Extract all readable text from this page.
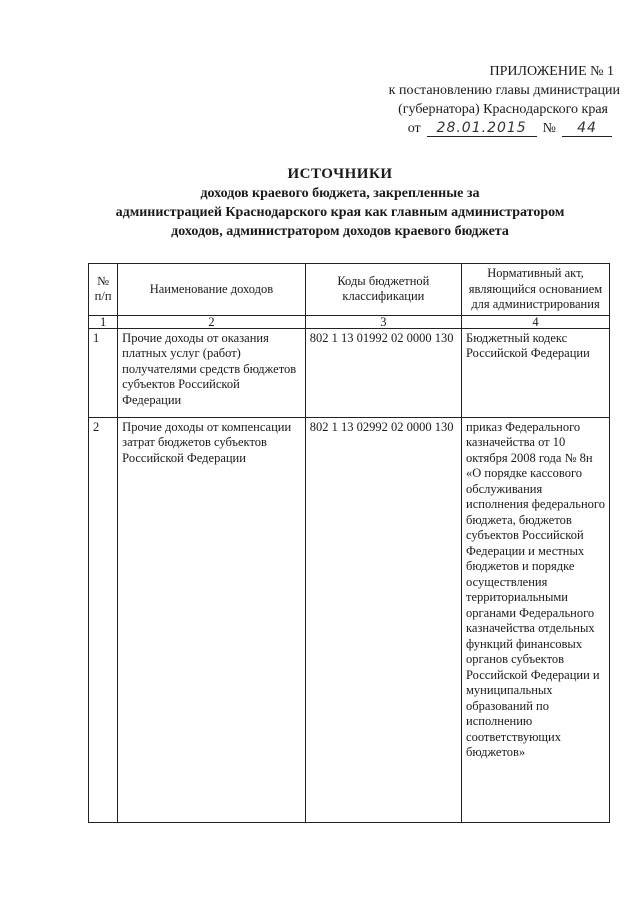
ПРИЛОЖЕНИЕ № 1
к постановлению главы дминистрации
(губернатора) Краснодарского края
от	28.01.2015	№	44
ИСТОЧНИКИ
доходов краевого бюджета, закрепленные за
администрацией Краснодарского края как главным администратором
доходов, администратором доходов краевого бюджета
№ п/п	Наименование доходов	Коды бюджетной классификации	Нормативный акт, являющийся основанием для администрирования
1	2	3	4
1	Прочие доходы от оказания платных услуг (работ) получателями средств бюджетов субъектов Российской Федерации	802 1 13 01992 02 0000 130	Бюджетный кодекс Российской Федерации
2	Прочие доходы от компенсации затрат бюджетов субъектов Российской Федерации	802 1 13 02992 02 0000 130	приказ Федерального казначейства от 10 октября 2008 года № 8н «О порядке кассового обслуживания исполнения федерального бюджета, бюджетов субъектов Российской Федерации и местных бюджетов и порядке осуществления территориальными органами Федерального казначейства отдельных функций финансовых органов субъектов Российской Федерации и муниципальных образований по исполнению соответствующих бюджетов»
